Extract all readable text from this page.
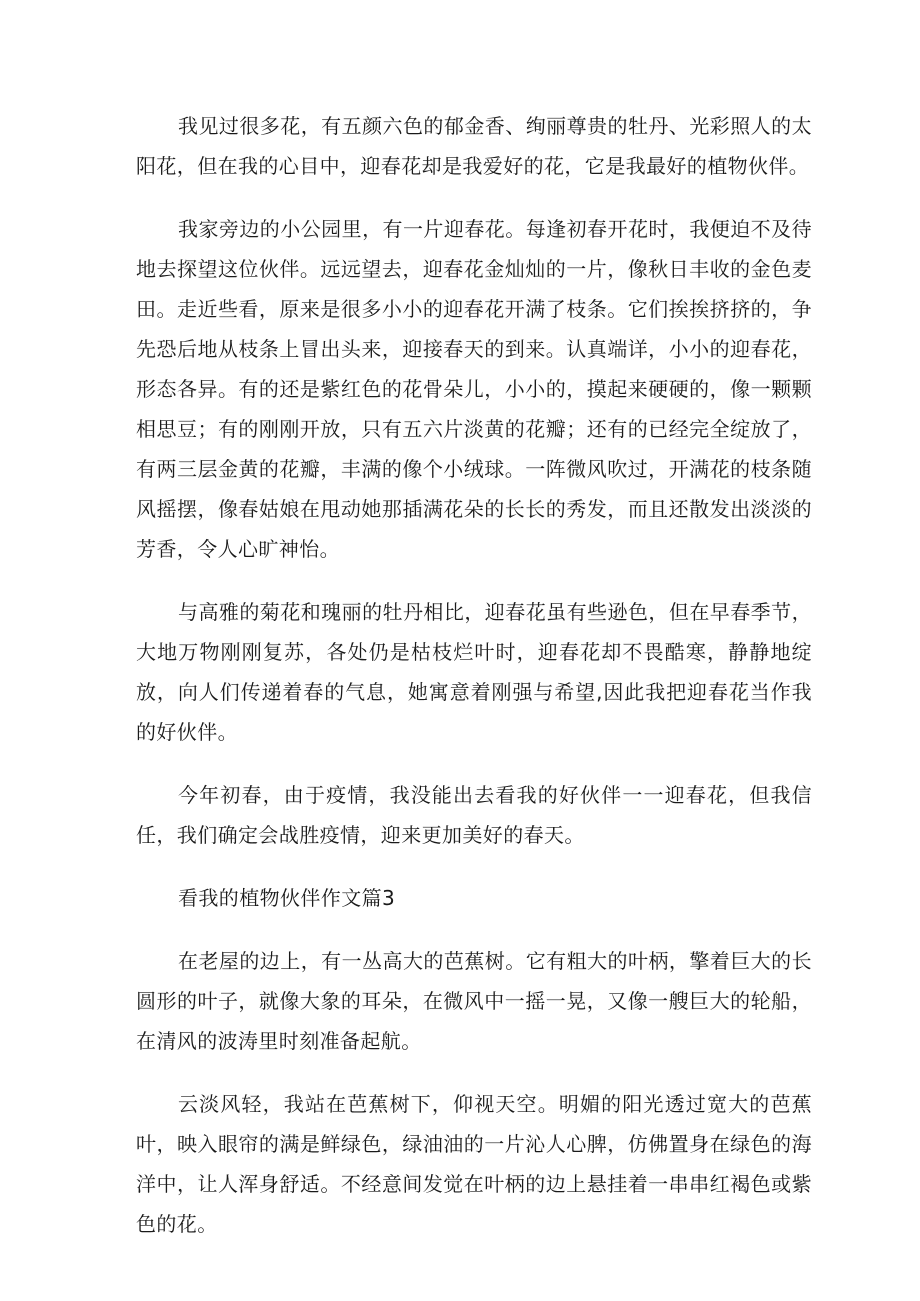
我见过很多花，有五颜六色的郁金香、绚丽尊贵的牡丹、光彩照人的太阳花，但在我的心目中，迎春花却是我爱好的花，它是我最好的植物伙伴。

我家旁边的小公园里，有一片迎春花。每逢初春开花时，我便迫不及待地去探望这位伙伴。远远望去，迎春花金灿灿的一片，像秋日丰收的金色麦田。走近些看，原来是很多小小的迎春花开满了枝条。它们挨挨挤挤的，争先恐后地从枝条上冒出头来，迎接春天的到来。认真端详，小小的迎春花，形态各异。有的还是紫红色的花骨朵儿，小小的，摸起来硬硬的，像一颗颗相思豆；有的刚刚开放，只有五六片淡黄的花瓣；还有的已经完全绽放了，有两三层金黄的花瓣，丰满的像个小绒球。一阵微风吹过，开满花的枝条随风摇摆，像春姑娘在甩动她那插满花朵的长长的秀发，而且还散发出淡淡的芳香，令人心旷神怡。

与高雅的菊花和瑰丽的牡丹相比，迎春花虽有些逊色，但在早春季节，大地万物刚刚复苏，各处仍是枯枝烂叶时，迎春花却不畏酷寒，静静地绽放，向人们传递着春的气息，她寓意着刚强与希望,因此我把迎春花当作我的好伙伴。

今年初春，由于疫情，我没能出去看我的好伙伴一一迎春花，但我信任，我们确定会战胜疫情，迎来更加美好的春天。

看我的植物伙伴作文篇3

在老屋的边上，有一丛高大的芭蕉树。它有粗大的叶柄，擎着巨大的长圆形的叶子，就像大象的耳朵，在微风中一摇一晃，又像一艘巨大的轮船，在清风的波涛里时刻准备起航。

云淡风轻，我站在芭蕉树下，仰视天空。明媚的阳光透过宽大的芭蕉叶，映入眼帘的满是鲜绿色，绿油油的一片沁人心脾，仿佛置身在绿色的海洋中，让人浑身舒适。不经意间发觉在叶柄的边上悬挂着一串串红褐色或紫色的花。
